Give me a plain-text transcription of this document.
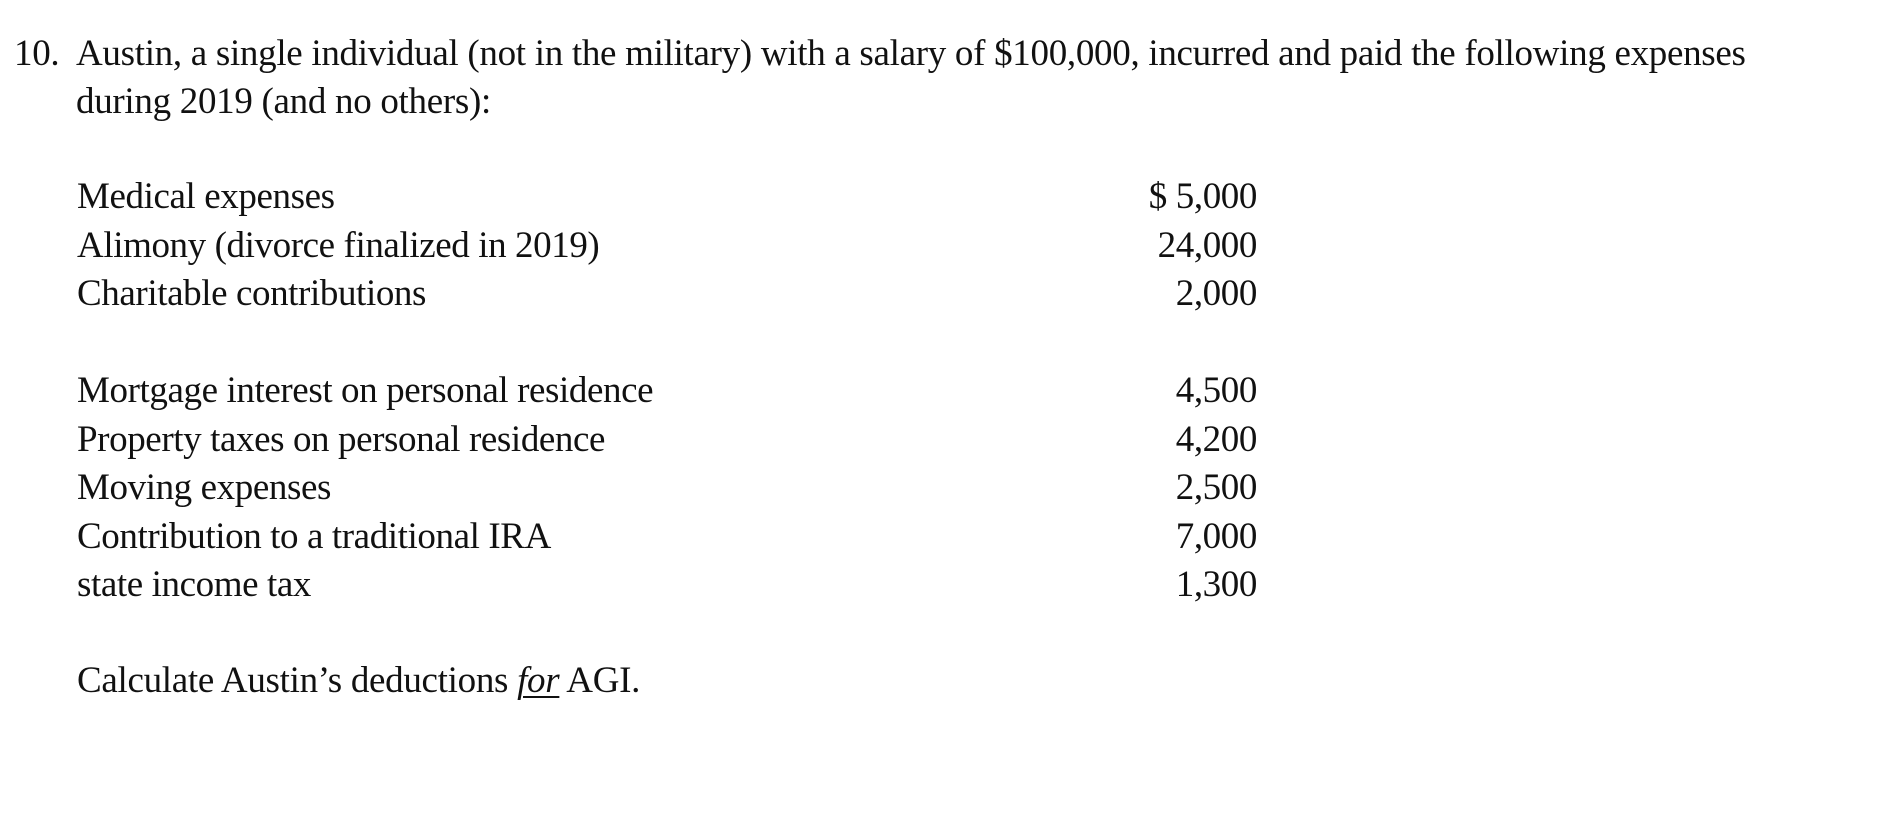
10. Austin, a single individual (not in the military) with a salary of $100,000, incurred and paid the following expenses
during 2019 (and no others):
Medical expenses	$ 5,000
Alimony (divorce finalized in 2019)	24,000
Charitable contributions	2,000
Mortgage interest on personal residence	4,500
Property taxes on personal residence	4,200
Moving expenses	2,500
Contribution to a traditional IRA	7,000
state income tax	1,300
Calculate Austin’s deductions for AGI.
